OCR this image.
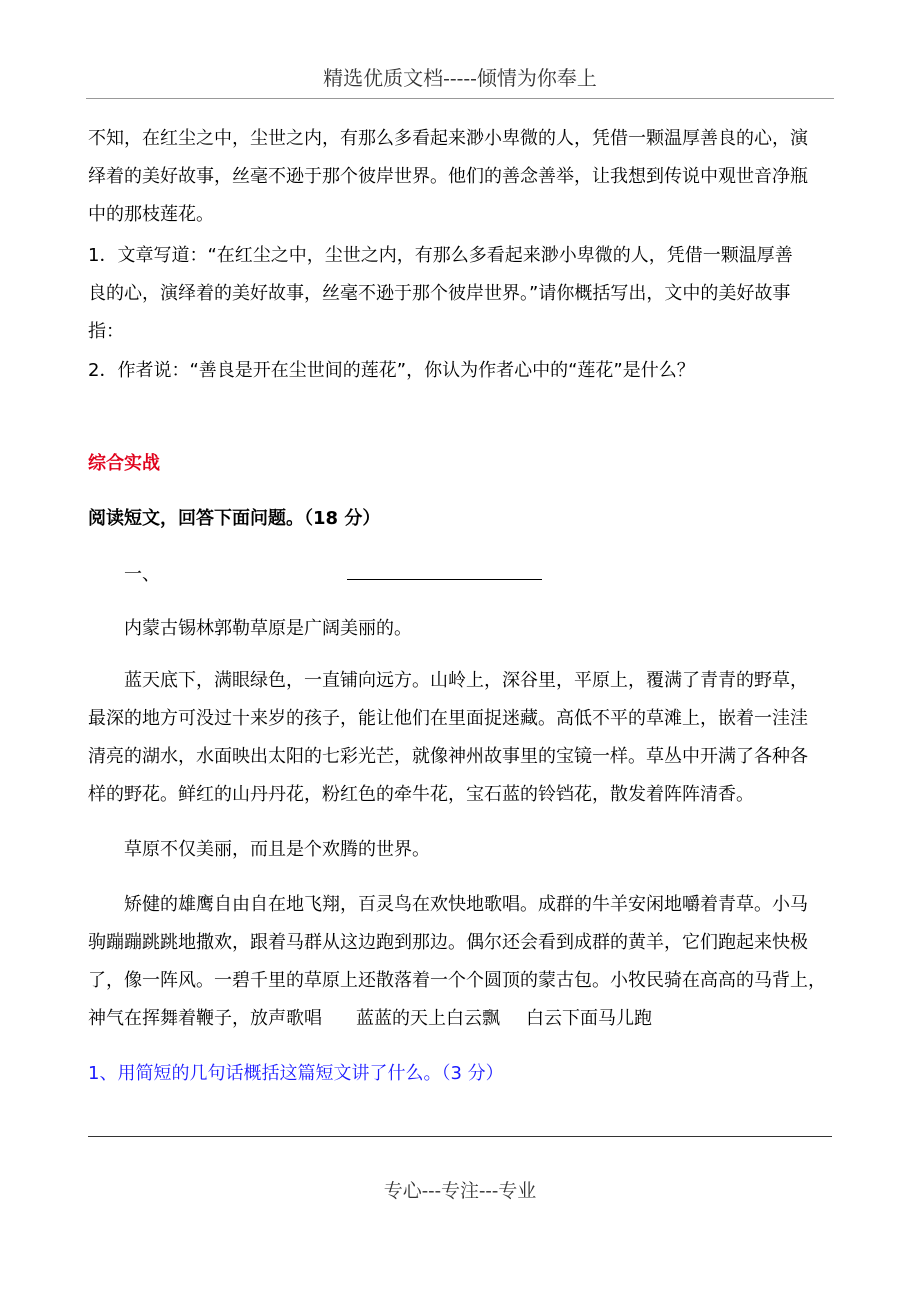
精选优质文档-----倾情为你奉上

不知，在红尘之中，尘世之内，有那么多看起来渺小卑微的人，凭借一颗温厚善良的心，演

绎着的美好故事，丝毫不逊于那个彼岸世界。他们的善念善举，让我想到传说中观世音净瓶

中的那枝莲花。

1．文章写道：“在红尘之中，尘世之内，有那么多看起来渺小卑微的人，凭借一颗温厚善

良的心，演绎着的美好故事，丝毫不逊于那个彼岸世界。”请你概括写出，文中的美好故事

指：

2．作者说：“善良是开在尘世间的莲花”，你认为作者心中的“莲花”是什么？

综合实战

阅读短文，回答下面问题。（18 分）

一、

内蒙古锡林郭勒草原是广阔美丽的。

蓝天底下，满眼绿色，一直铺向远方。山岭上，深谷里，平原上，覆满了青青的野草，

最深的地方可没过十来岁的孩子，能让他们在里面捉迷藏。高低不平的草滩上，嵌着一洼洼

清亮的湖水，水面映出太阳的七彩光芒，就像神州故事里的宝镜一样。草丛中开满了各种各

样的野花。鲜红的山丹丹花，粉红色的牵牛花，宝石蓝的铃铛花，散发着阵阵清香。

草原不仅美丽，而且是个欢腾的世界。

矫健的雄鹰自由自在地飞翔，百灵鸟在欢快地歌唱。成群的牛羊安闲地嚼着青草。小马

驹蹦蹦跳跳地撒欢，跟着马群从这边跑到那边。偶尔还会看到成群的黄羊，它们跑起来快极

了，像一阵风。一碧千里的草原上还散落着一个个圆顶的蒙古包。小牧民骑在高高的马背上，

神气在挥舞着鞭子，放声歌唱 蓝蓝的天上白云飘 白云下面马儿跑

1、用简短的几句话概括这篇短文讲了什么。（3 分）

专心---专注---专业
